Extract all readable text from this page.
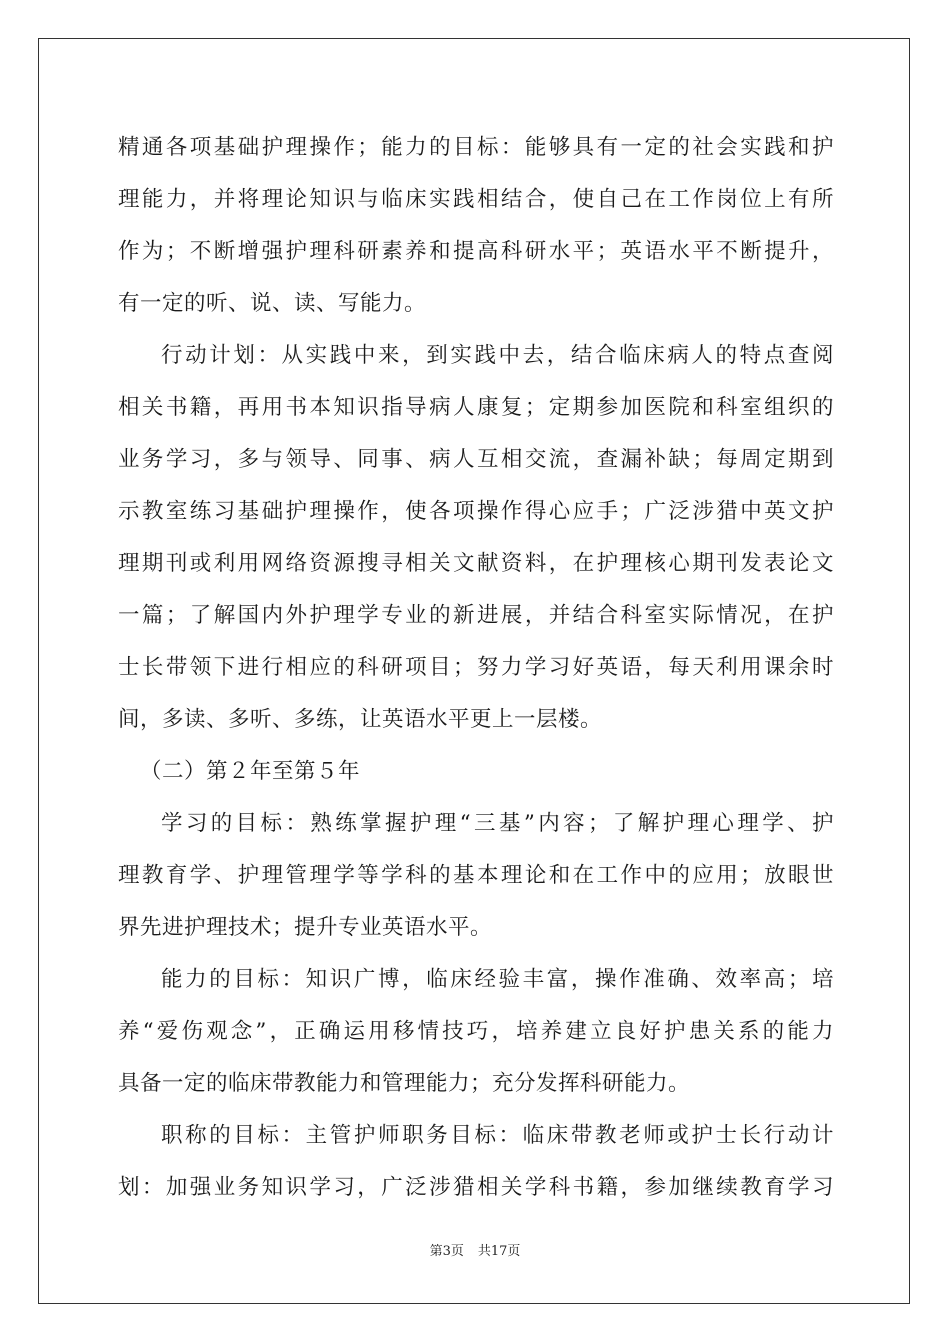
精通各项基础护理操作；能力的目标：能够具有一定的社会实践和护
理能力，并将理论知识与临床实践相结合，使自己在工作岗位上有所
作为；不断增强护理科研素养和提高科研水平；英语水平不断提升，
有一定的听、说、读、写能力。
行动计划：从实践中来，到实践中去，结合临床病人的特点查阅
相关书籍，再用书本知识指导病人康复；定期参加医院和科室组织的
业务学习，多与领导、同事、病人互相交流，查漏补缺；每周定期到
示教室练习基础护理操作，使各项操作得心应手；广泛涉猎中英文护
理期刊或利用网络资源搜寻相关文献资料，在护理核心期刊发表论文
一篇；了解国内外护理学专业的新进展，并结合科室实际情况，在护
士长带领下进行相应的科研项目；努力学习好英语，每天利用课余时
间，多读、多听、多练，让英语水平更上一层楼。
（二）第２年至第５年
学习的目标：熟练掌握护理“三基”内容；了解护理心理学、护
理教育学、护理管理学等学科的基本理论和在工作中的应用；放眼世
界先进护理技术；提升专业英语水平。
能力的目标：知识广博，临床经验丰富，操作准确、效率高；培
养“爱伤观念”，正确运用移情技巧，培养建立良好护患关系的能力
具备一定的临床带教能力和管理能力；充分发挥科研能力。
职称的目标：主管护师职务目标：临床带教老师或护士长行动计
划：加强业务知识学习，广泛涉猎相关学科书籍，参加继续教育学习
第3页 共17页
